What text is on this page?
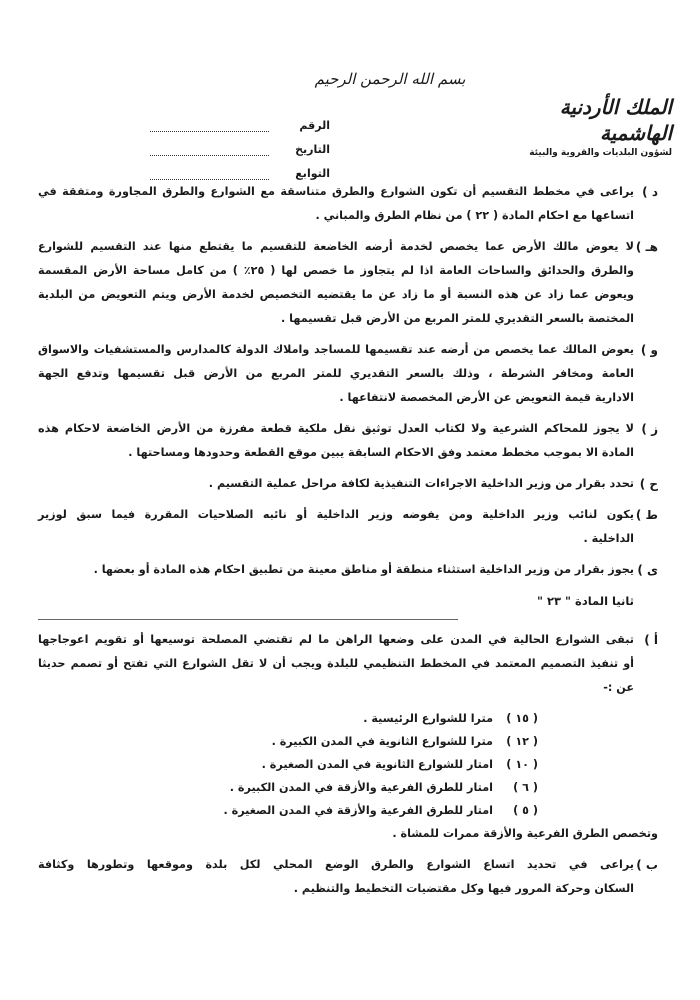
بسم الله الرحمن الرحيم
الملك الأردنية الهاشمية
لشؤون البلديات والقروية والبيئة
الرقم
التاريخ
التوابع
د )
يراعى في مخطط التقسيم أن تكون الشوارع والطرق متناسقة مع الشوارع والطرق المجاورة ومتفقة في
اتساعها مع احكام المادة ( ٢٢ ) من نظام الطرق والمباني .
هـ )
لا يعوض مالك الأرض عما يخصص لخدمة أرضه الخاضعة للتقسيم ما يقتطع منها عند التقسيم للشوارع
والطرق والحدائق والساحات العامة اذا لم يتجاوز ما خصص لها ( ٢٥٪ ) من كامل مساحة الأرض المقسمة
ويعوض عما زاد عن هذه النسبة أو ما زاد عن ما يقتضيه التخصيص لخدمة الأرض ويتم التعويض من البلدية
المختصة بالسعر التقديري للمتر المربع من الأرض قبل تقسيمها .
و )
يعوض المالك عما يخصص من أرضه عند تقسيمها للمساجد واملاك الدولة كالمدارس والمستشفيات والاسواق
العامة ومخافر الشرطة ، وذلك بالسعر التقديري للمتر المربع من الأرض قبل تقسيمها وتدفع الجهة
الادارية قيمة التعويض عن الأرض المخصصة لانتفاعها .
ز )
لا يجوز للمحاكم الشرعية ولا لكتاب العدل توثيق نقل ملكية قطعة مفرزة من الأرض الخاضعة لاحكام هذه
المادة الا بموجب مخطط معتمد وفق الاحكام السابقة يبين موقع القطعة وحدودها ومساحتها .
ح )
تحدد بقرار من وزير الداخلية الاجراءات التنفيذية لكافة مراحل عملية التقسيم .
ط )
يكون لنائب وزير الداخلية ومن يفوضه وزير الداخلية أو نائبه الصلاحيات المقررة فيما سبق لوزير
الداخلية .
ى )
يجوز بقرار من وزير الداخلية استثناء منطقة أو مناطق معينة من تطبيق احكام هذه المادة أو بعضها .
ثانيا المادة " ٢٣ "
أ )
تبقى الشوارع الحالية في المدن على وضعها الراهن ما لم تقتضي المصلحة توسيعها أو تقويم اعوجاجها
أو تنفيذ التصميم المعتمد في المخطط التنظيمي للبلدة ويجب أن لا تقل الشوارع التي تفتح أو تصمم حديثا
عن :-
( ١٥ )
مترا للشوارع الرئيسية .
( ١٢ )
مترا للشوارع الثانوية في المدن الكبيرة .
( ١٠ )
امتار للشوارع الثانوية في المدن الصغيرة .
( ٦ )
امتار للطرق الفرعية والأزقة في المدن الكبيرة .
( ٥ )
امتار للطرق الفرعية والأزقة في المدن الصغيرة .
وتخصص الطرق الفرعية والأزقة ممرات للمشاة .
ب )
يراعى في تحديد اتساع الشوارع والطرق الوضع المحلي لكل بلدة وموقعها وتطورها وكثافة
السكان وحركة المرور فيها وكل مقتضيات التخطيط والتنظيم .
